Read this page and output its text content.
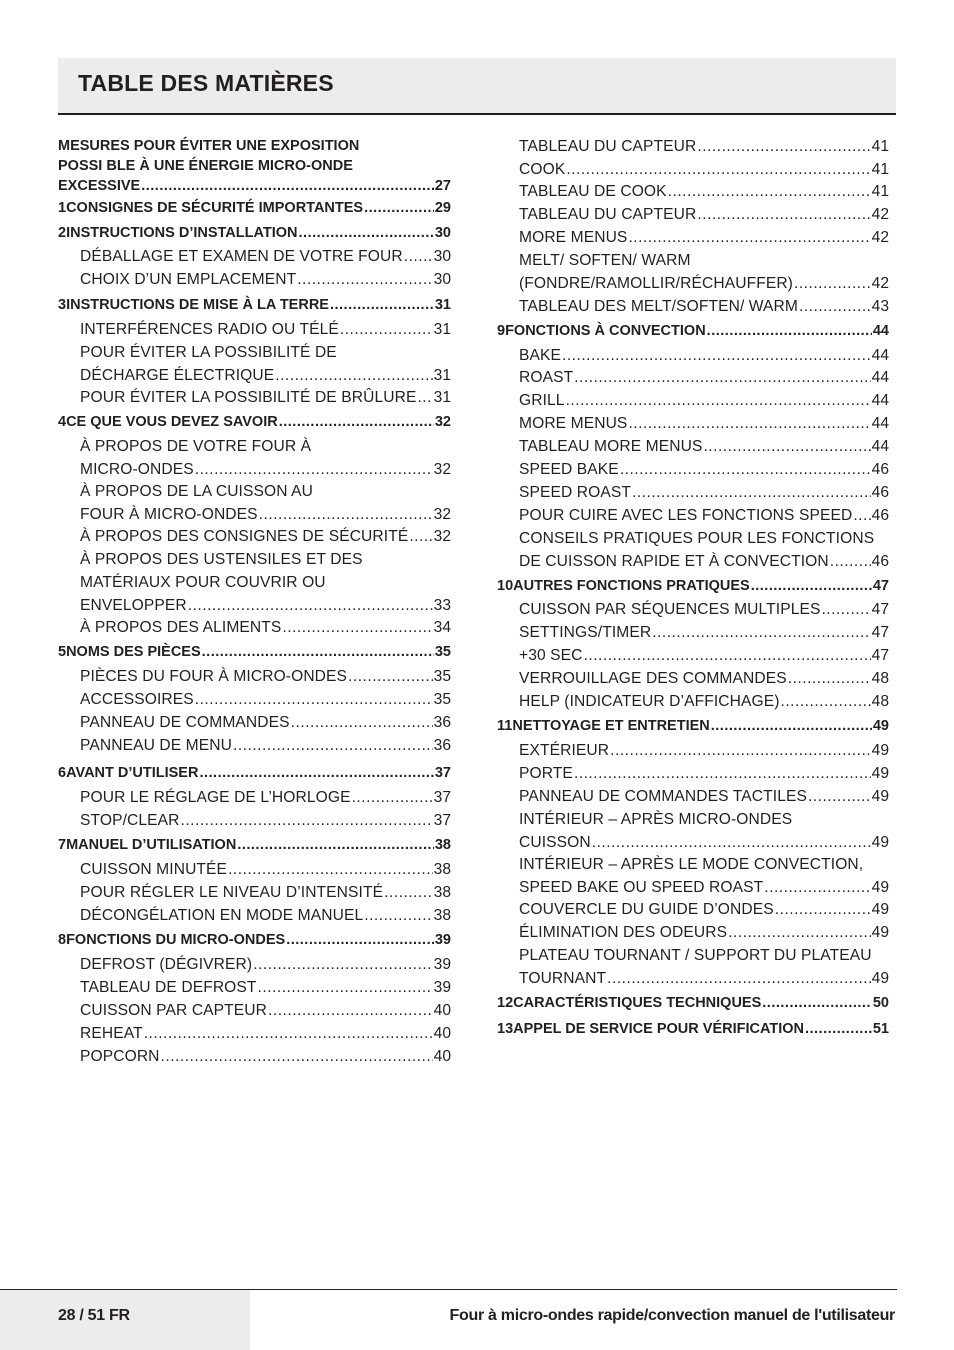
TABLE DES MATIÈRES
MESURES POUR ÉVITER UNE EXPOSITION
POSSI BLE À UNE ÉNERGIE MICRO-ONDE
EXCESSIVE .....	27
1 CONSIGNES DE SÉCURITÉ IMPORTANTES .....	29
2 INSTRUCTIONS D’INSTALLATION .....	30
DÉBALLAGE ET EXAMEN DE VOTRE FOUR ..... 30
CHOIX D’UN EMPLACEMENT .....	30
3 INSTRUCTIONS DE MISE À LA TERRE .....	31
INTERFÉRENCES RADIO OU TÉLÉ .....	31
POUR ÉVITER LA POSSIBILITÉ DE
DÉCHARGE ÉLECTRIQUE .....	31
POUR ÉVITER LA POSSIBILITÉ DE BRÛLURE ..... 31
4 CE QUE VOUS DEVEZ SAVOIR .....	32
À PROPOS DE VOTRE FOUR À
MICRO-ONDES .....	32
À PROPOS DE LA CUISSON AU
FOUR À MICRO-ONDES .....	32
À PROPOS DES CONSIGNES DE SÉCURITÉ ..... 32
À PROPOS DES USTENSILES ET DES
MATÉRIAUX POUR COUVRIR OU
ENVELOPPER .....	33
À PROPOS DES ALIMENTS .....	34
5 NOMS DES PIÈCES .....	35
PIÈCES DU FOUR À MICRO-ONDES .....	35
ACCESSOIRES .....	35
PANNEAU DE COMMANDES .....	36
PANNEAU DE MENU .....	36
6 AVANT D’UTILISER .....	37
POUR LE RÉGLAGE DE L’HORLOGE .....	37
STOP/CLEAR .....	37
7 MANUEL D’UTILISATION .....	38
CUISSON MINUTÉE .....	38
POUR RÉGLER LE NIVEAU D’INTENSITÉ .....	38
DÉCONGÉLATION EN MODE MANUEL .....	38
8 FONCTIONS DU MICRO-ONDES .....	39
DEFROST (DÉGIVRER) .....	39
TABLEAU DE DEFROST .....	39
CUISSON PAR CAPTEUR .....	40
REHEAT .....	40
POPCORN .....	40
TABLEAU DU CAPTEUR .....	41
COOK .....	41
TABLEAU DE COOK .....	41
TABLEAU DU CAPTEUR .....	42
MORE MENUS .....	42
MELT/ SOFTEN/ WARM
(FONDRE/RAMOLLIR/RÉCHAUFFER) .....	42
TABLEAU DES MELT/SOFTEN/ WARM .....	43
9 FONCTIONS À CONVECTION .....	44
BAKE .....	44
ROAST .....	44
GRILL .....	44
MORE MENUS .....	44
TABLEAU MORE MENUS .....	44
SPEED BAKE .....	46
SPEED ROAST .....	46
POUR CUIRE AVEC LES FONCTIONS SPEED ..... 46
CONSEILS PRATIQUES POUR LES FONCTIONS
DE CUISSON RAPIDE ET À CONVECTION .....	46
10 AUTRES FONCTIONS PRATIQUES .....	47
CUISSON PAR SÉQUENCES MULTIPLES .....	47
SETTINGS/TIMER .....	47
+30 SEC .....	47
VERROUILLAGE DES COMMANDES .....	48
HELP (INDICATEUR D’AFFICHAGE) .....	48
11 NETTOYAGE ET ENTRETIEN .....	49
EXTÉRIEUR .....	49
PORTE .....	49
PANNEAU DE COMMANDES TACTILES .....	49
INTÉRIEUR – APRÈS MICRO-ONDES
CUISSON .....	49
INTÉRIEUR – APRÈS LE MODE CONVECTION,
SPEED BAKE OU SPEED ROAST .....	49
COUVERCLE DU GUIDE D’ONDES .....	49
ÉLIMINATION DES ODEURS .....	49
PLATEAU TOURNANT / SUPPORT DU PLATEAU
TOURNANT .....	49
12 CARACTÉRISTIQUES TECHNIQUES .....	50
13 APPEL DE SERVICE POUR VÉRIFICATION .....	51
28 / 51 FR	Four à micro-ondes rapide/convection manuel de l'utilisateur
